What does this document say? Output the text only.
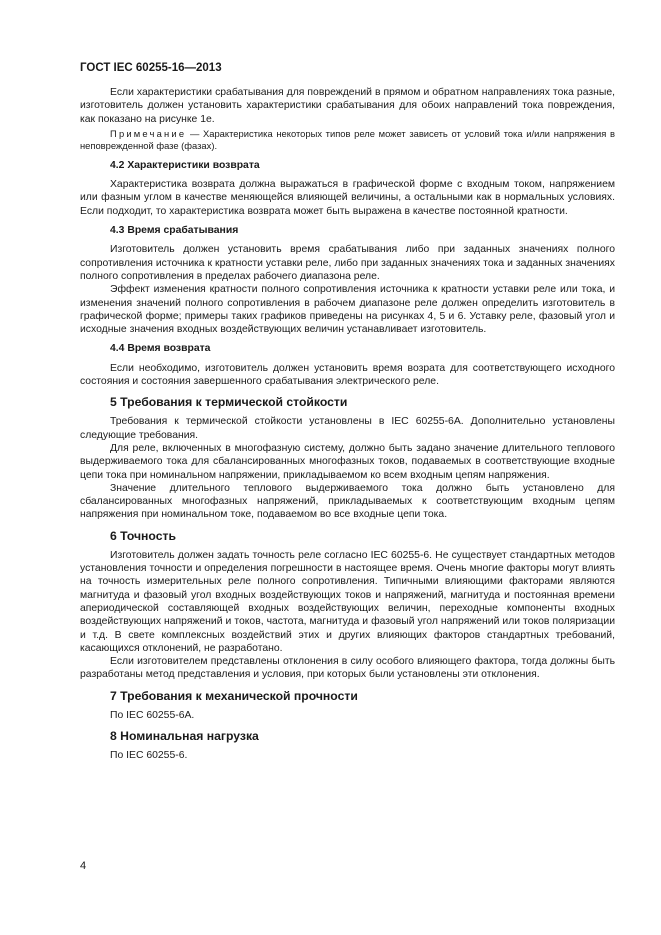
ГОСТ IEC 60255-16—2013

Если характеристики срабатывания для повреждений в прямом и обратном направлениях тока разные, изготовитель должен установить характеристики срабатывания для обоих направлений тока повреждения, как показано на рисунке 1е.

Примечание — Характеристика некоторых типов реле может зависеть от условий тока и/или напряжения в неповрежденной фазе (фазах).
4.2 Характеристики возврата

Характеристика возврата должна выражаться в графической форме с входным током, напряжением или фазным углом в качестве меняющейся влияющей величины, а остальными как в нормальных условиях. Если подходит, то характеристика возврата может быть выражена в качестве постоянной кратности.

4.3 Время срабатывания

Изготовитель должен установить время срабатывания либо при заданных значениях полного сопротивления источника к кратности уставки реле, либо при заданных значениях тока и заданных значениях полного сопротивления в пределах рабочего диапазона реле.

Эффект изменения кратности полного сопротивления источника к кратности уставки реле или тока, и изменения значений полного сопротивления в рабочем диапазоне реле должен определить изготовитель в графической форме; примеры таких графиков приведены на рисунках 4, 5 и 6. Уставку реле, фазовый угол и исходные значения входных воздействующих величин устанавливает изготовитель.

4.4 Время возврата

Если необходимо, изготовитель должен установить время возрата для соответствующего исходного состояния и состояния завершенного срабатывания электрического реле.

5 Требования к термической стойкости

Требования к термической стойкости установлены в IEC 60255-6А. Дополнительно установлены следующие требования.

Для реле, включенных в многофазную систему, должно быть задано значение длительного теплового выдерживаемого тока для сбалансированных многофазных токов, подаваемых в соответствующие входные цепи тока при номинальном напряжении, прикладываемом ко всем входным цепям напряжения.

Значение длительного теплового выдерживаемого тока должно быть установлено для сбалансированных многофазных напряжений, прикладываемых к соответствующим входным цепям напряжения при номинальном токе, подаваемом во все входные цепи тока.

6 Точность

Изготовитель должен задать точность реле согласно IEC 60255-6. Не существует стандартных методов установления точности и определения погрешности в настоящее время. Очень многие факторы могут влиять на точность измерительных реле полного сопротивления. Типичными влияющими факторами являются магнитуда и фазовый угол входных воздействующих токов и напряжений, магнитуда и постоянная времени апериодической составляющей входных воздействующих величин, переходные компоненты входных воздействующих напряжений и токов, частота, магнитуда и фазовый угол напряжений или токов поляризации и т.д. В свете комплексных воздействий этих и других влияющих факторов стандартных требований, касающихся отклонений, не разработано.

Если изготовителем представлены отклонения в силу особого влияющего фактора, тогда должны быть разработаны метод представления и условия, при которых были установлены эти отклонения.

7 Требования к механической прочности

По IEC 60255-6А.

8 Номинальная нагрузка

По IEC 60255-6.

4
